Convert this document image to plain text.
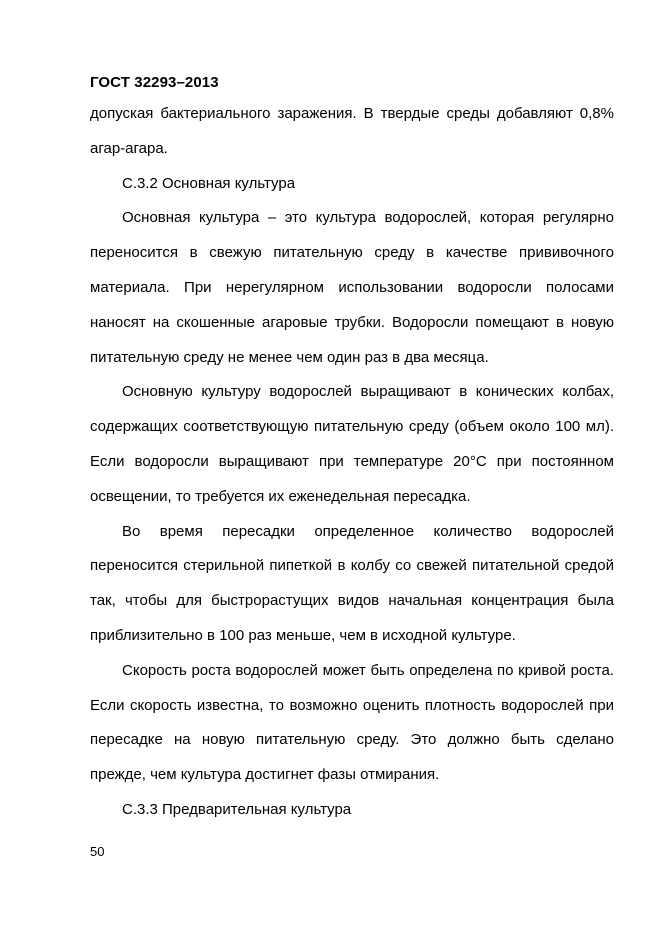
ГОСТ 32293–2013

допуская бактериального заражения. В твердые среды добавляют 0,8% агар-агара.

С.3.2 Основная культура

Основная культура – это культура водорослей, которая регулярно переносится в свежую питательную среду в качестве прививочного материала. При нерегулярном использовании водоросли полосами наносят на скошенные агаровые трубки. Водоросли помещают в новую питательную среду не менее чем один раз в два месяца.

Основную культуру водорослей выращивают в конических колбах, содержащих соответствующую питательную среду (объем около 100 мл). Если водоросли выращивают при температуре 20°С при постоянном освещении, то требуется их еженедельная пересадка.

Во время пересадки определенное количество водорослей переносится стерильной пипеткой в колбу со свежей питательной средой так, чтобы для быстрорастущих видов начальная концентрация была приблизительно в 100 раз меньше, чем в исходной культуре.

Скорость роста водорослей может быть определена по кривой роста. Если скорость известна, то возможно оценить плотность водорослей при пересадке на новую питательную среду. Это должно быть сделано прежде, чем культура достигнет фазы отмирания.

С.3.3 Предварительная культура

50
